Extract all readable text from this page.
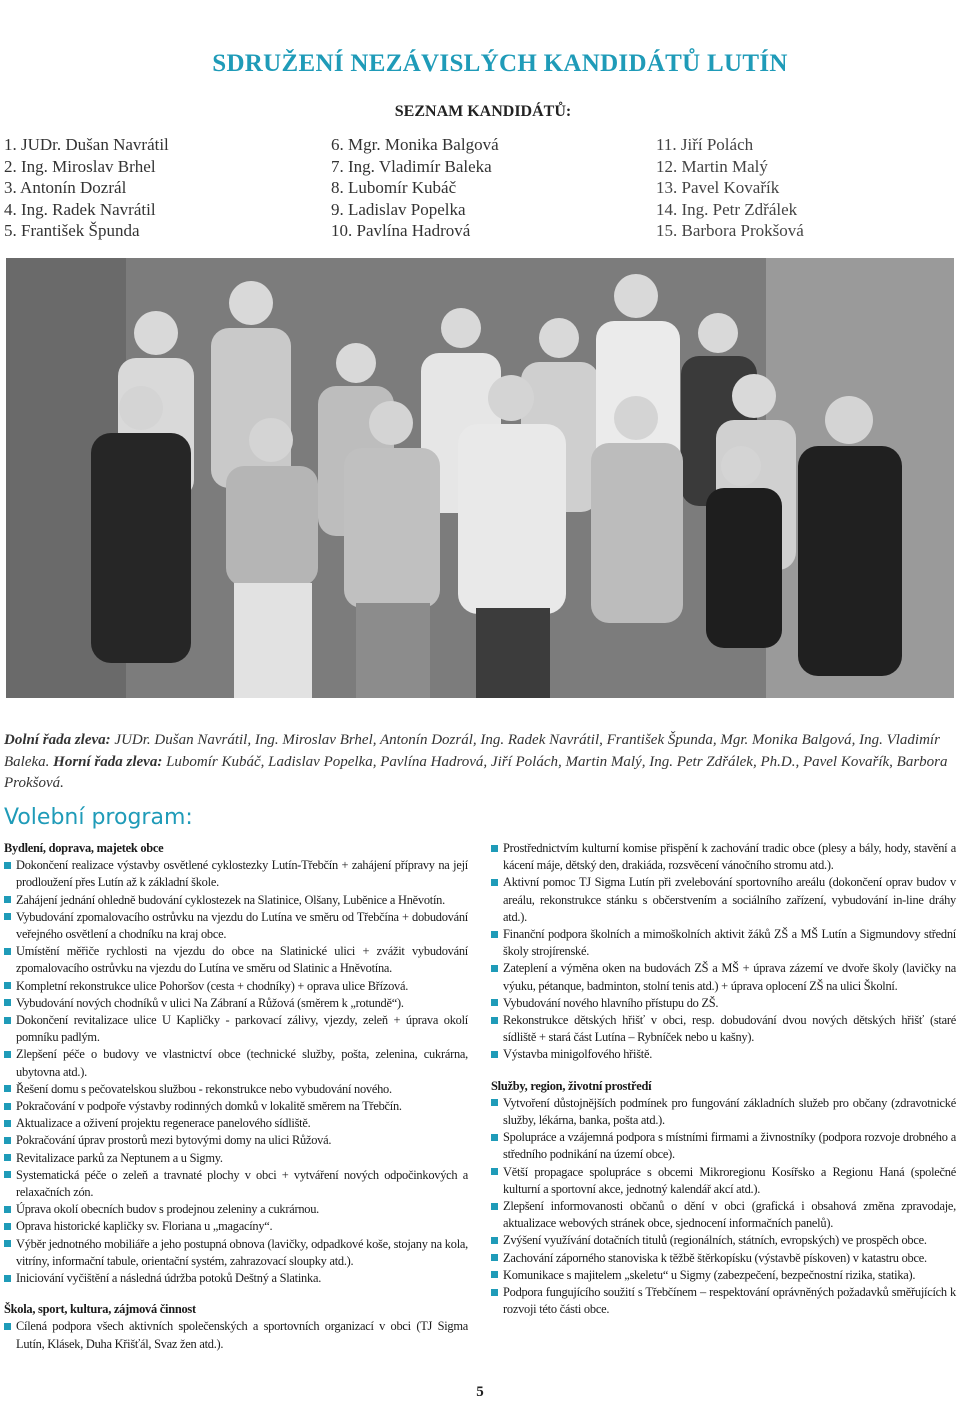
SDRUŽENÍ NEZÁVISLÝCH KANDIDÁTŮ LUTÍN
SEZNAM KANDIDÁTŮ:
1. JUDr. Dušan Navrátil
2. Ing. Miroslav Brhel
3. Antonín Dozrál
4. Ing. Radek Navrátil
5. František Špunda
6. Mgr. Monika Balgová
7. Ing. Vladimír Baleka
8. Lubomír Kubáč
9. Ladislav Popelka
10. Pavlína Hadrová
11. Jiří Polách
12. Martin Malý
13. Pavel Kovařík
14. Ing. Petr Zdřálek
15. Barbora Prokšová
Dolní řada zleva: JUDr. Dušan Navrátil, Ing. Miroslav Brhel, Antonín Dozrál, Ing. Radek Navrátil, František Špunda, Mgr. Monika Balgová, Ing. Vladimír Baleka. Horní řada zleva: Lubomír Kubáč, Ladislav Popelka, Pavlína Hadrová, Jiří Polách, Martin Malý, Ing. Petr Zdřálek, Ph.D., Pavel Kovařík, Barbora Prokšová.
Volební program:
Bydlení, doprava, majetek obce
Dokončení realizace výstavby osvětlené cyklostezky Lutín-Třebčín + zahájení přípravy na její prodloužení přes Lutín až k základní škole.
Zahájení jednání ohledně budování cyklostezek na Slatinice, Olšany, Luběnice a Hněvotín.
Vybudování zpomalovacího ostrůvku na vjezdu do Lutína ve směru od Třebčína + dobudování veřejného osvětlení a chodníku na kraj obce.
Umístění měřiče rychlosti na vjezdu do obce na Slatinické ulici + zvážit vybudování zpomalovacího ostrůvku na vjezdu do Lutína ve směru od Slatinic a Hněvotína.
Kompletní rekonstrukce ulice Pohoršov (cesta + chodníky) + oprava ulice Břízová.
Vybudování nových chodníků v ulici Na Zábraní a Růžová (směrem k „rotundě“).
Dokončení revitalizace ulice U Kapličky - parkovací zálivy, vjezdy, zeleň + úprava okolí pomníku padlým.
Zlepšení péče o budovy ve vlastnictví obce (technické služby, pošta, zelenina, cukrárna, ubytovna atd.).
Řešení domu s pečovatelskou službou - rekonstrukce nebo vybudování nového.
Pokračování v podpoře výstavby rodinných domků v lokalitě směrem na Třebčín.
Aktualizace a oživení projektu regenerace panelového sídliště.
Pokračování úprav prostorů mezi bytovými domy na ulici Růžová.
Revitalizace parků za Neptunem a u Sigmy.
Systematická péče o zeleň a travnaté plochy v obci + vytváření nových odpočinkových a relaxačních zón.
Úprava okolí obecních budov s prodejnou zeleniny a cukrárnou.
Oprava historické kapličky sv. Floriana u „magacíny“.
Výběr jednotného mobiliáře a jeho postupná obnova (lavičky, odpadkové koše, stojany na kola, vitríny, informační tabule, orientační systém, zahrazovací sloupky atd.).
Iniciování vyčištění a následná údržba potoků Deštný a Slatinka.
Škola, sport, kultura, zájmová činnost
Cílená podpora všech aktivních společenských a sportovních organizací v obci (TJ Sigma Lutín, Klásek, Duha Křišťál, Svaz žen atd.).
Prostřednictvím kulturní komise přispění k zachování tradic obce (plesy a bály, hody, stavění a kácení máje, dětský den, drakiáda, rozsvěcení vánočního stromu atd.).
Aktivní pomoc TJ Sigma Lutín při zvelebování sportovního areálu (dokončení oprav budov v areálu, rekonstrukce stánku s občerstvením a sociálního zařízení, vybudování in-line dráhy atd.).
Finanční podpora školních a mimoškolních aktivit žáků ZŠ a MŠ Lutín a Sigmundovy střední školy strojírenské.
Zateplení a výměna oken na budovách ZŠ a MŠ + úprava zázemí ve dvoře školy (lavičky na výuku, pétanque, badminton, stolní tenis atd.) + úprava oplocení ZŠ na ulici Školní.
Vybudování nového hlavního přístupu do ZŠ.
Rekonstrukce dětských hřišť v obci, resp. dobudování dvou nových dětských hřišť (staré sídliště + stará část Lutína – Rybníček nebo u kašny).
Výstavba minigolfového hřiště.
Služby, region, životní prostředí
Vytvoření důstojnějších podmínek pro fungování základních služeb pro občany (zdravotnické služby, lékárna, banka, pošta atd.).
Spolupráce a vzájemná podpora s místními firmami a živnostníky (podpora rozvoje drobného a středního podnikání na území obce).
Větší propagace spolupráce s obcemi Mikroregionu Kosířsko a Regionu Haná (společné kulturní a sportovní akce, jednotný kalendář akcí atd.).
Zlepšení informovanosti občanů o dění v obci (grafická i obsahová změna zpravodaje, aktualizace webových stránek obce, sjednocení informačních panelů).
Zvýšení využívání dotačních titulů (regionálních, státních, evropských) ve prospěch obce.
Zachování záporného stanoviska k těžbě štěrkopísku (výstavbě pískoven) v katastru obce.
Komunikace s majitelem „skeletu“ u Sigmy (zabezpečení, bezpečnostní rizika, statika).
Podpora fungujícího soužití s Třebčínem – respektování oprávněných požadavků směřujících k rozvoji této části obce.
5
